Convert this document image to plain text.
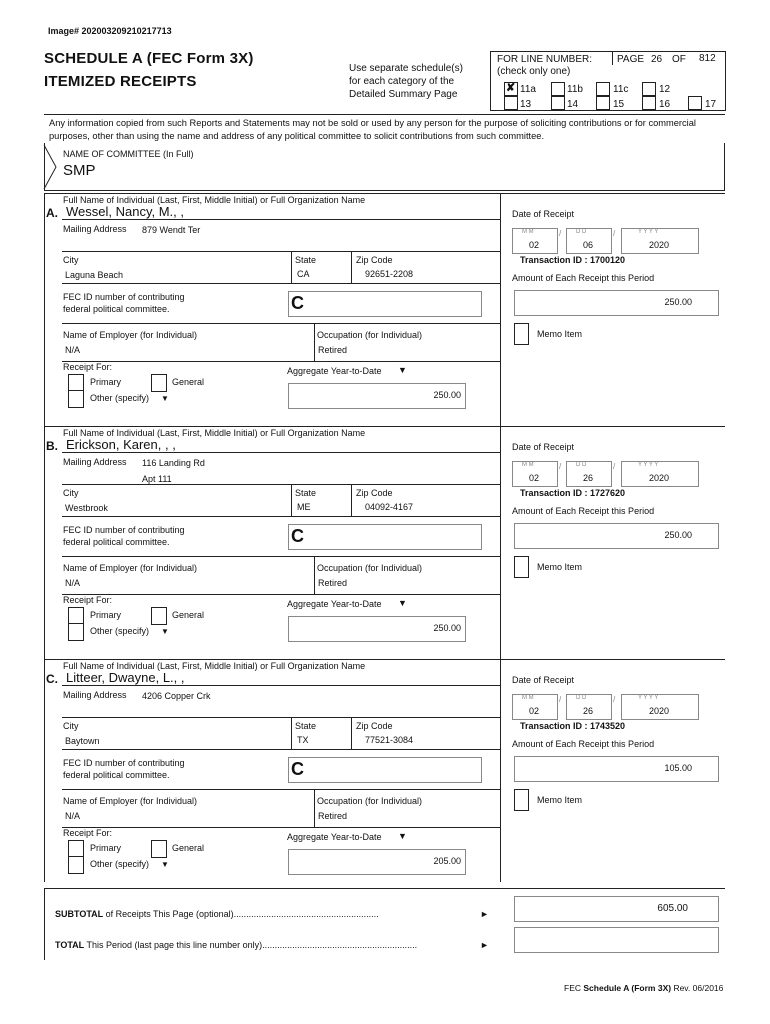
Image# 202003209210217713
SCHEDULE A (FEC Form 3X)
ITEMIZED RECEIPTS
Use separate schedule(s)
for each category of the
Detailed Summary Page
FOR LINE NUMBER:
(check only one)
PAGE 26 OF 812
✘ 11a	11b	11c	12
13	14	15	16	17
Any information copied from such Reports and Statements may not be sold or used by any person for the purpose of soliciting contributions or for commercial purposes, other than using the name and address of any political committee to solicit contributions from such committee.
NAME OF COMMITTEE (In Full)
SMP
Full Name of Individual (Last, First, Middle Initial) or Full Organization Name
A. Wessel, Nancy, M., ,
Mailing Address 879 Wendt Ter
City
Laguna Beach
State
CA
Zip Code
92651-2208
FEC ID number of contributing
federal political committee.	C
Name of Employer (for Individual)
N/A
Occupation (for Individual)
Retired
Receipt For:
Primary	General
Other (specify) ▼
Aggregate Year-to-Date ▼
250.00
Date of Receipt
M M
02
/ D D
06
/	Y Y Y Y
2020
Transaction ID : 1700120
Amount of Each Receipt this Period
250.00
Memo Item
Full Name of Individual (Last, First, Middle Initial) or Full Organization Name
B. Erickson, Karen, , ,
Mailing Address 116 Landing Rd
Apt 111
City
Westbrook
State
ME
Zip Code
04092-4167
FEC ID number of contributing
federal political committee.	C
Name of Employer (for Individual)
N/A
Occupation (for Individual)
Retired
Receipt For:
Primary	General
Other (specify) ▼
Aggregate Year-to-Date ▼
250.00
Date of Receipt
M M
02
/ D D
26
/	Y Y Y Y
2020
Transaction ID : 1727620
Amount of Each Receipt this Period
250.00
Memo Item
Full Name of Individual (Last, First, Middle Initial) or Full Organization Name
C. Litteer, Dwayne, L., ,
Mailing Address 4206 Copper Crk
City
Baytown
State
TX
Zip Code
77521-3084
FEC ID number of contributing
federal political committee.	C
Name of Employer (for Individual)
N/A
Occupation (for Individual)
Retired
Receipt For:
Primary	General
Other (specify) ▼
Aggregate Year-to-Date ▼
205.00
Date of Receipt
M M
02
/ D D
26
/	Y Y Y Y
2020
Transaction ID : 1743520
Amount of Each Receipt this Period
105.00
Memo Item
SUBTOTAL of Receipts This Page (optional)..........................................................	►	605.00
TOTAL This Period (last page this line number only)..............................................................	►
FEC Schedule A (Form 3X) Rev. 06/2016
